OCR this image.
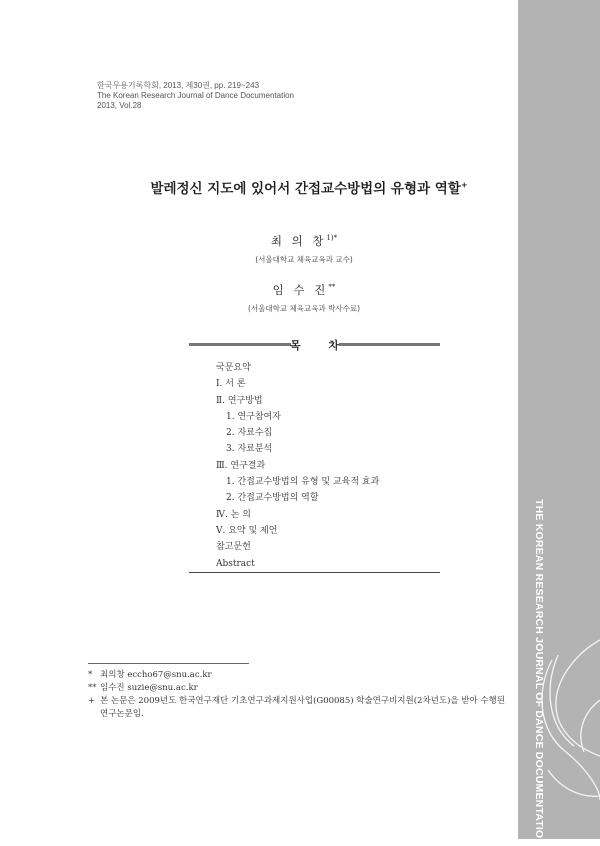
THE KOREAN RESEARCH JOURNAL OF DANCE DOCUMENTATION
한국무용기록학회, 2013, 제30권, pp. 219~243
The Korean Research Journal of Dance Documentation
2013, Vol.28
발레정신 지도에 있어서 간접교수방법의 유형과 역할+
최 의 창$^{1)*}$
(서울대학교 체육교육과 교수)
임 수 진**
(서울대학교 체육교육과 박사수료)
목 차
국문요약
Ⅰ. 서 론
Ⅱ. 연구방법
1. 연구참여자
2. 자료수집
3. 자료분석
Ⅲ. 연구결과
1. 간접교수방법의 유형 및 교육적 효과
2. 간접교수방법의 역할
Ⅳ. 논 의
Ⅴ. 요약 및 제언
참고문헌
Abstract
* 최의창 eccho67@snu.ac.kr
** 임수진 suzie@snu.ac.kr
+ 본 논문은 2009년도 한국연구재단 기초연구과제지원사업(G00085) 학술연구비지원(2차년도)을 받아 수행된 연구논문임.
